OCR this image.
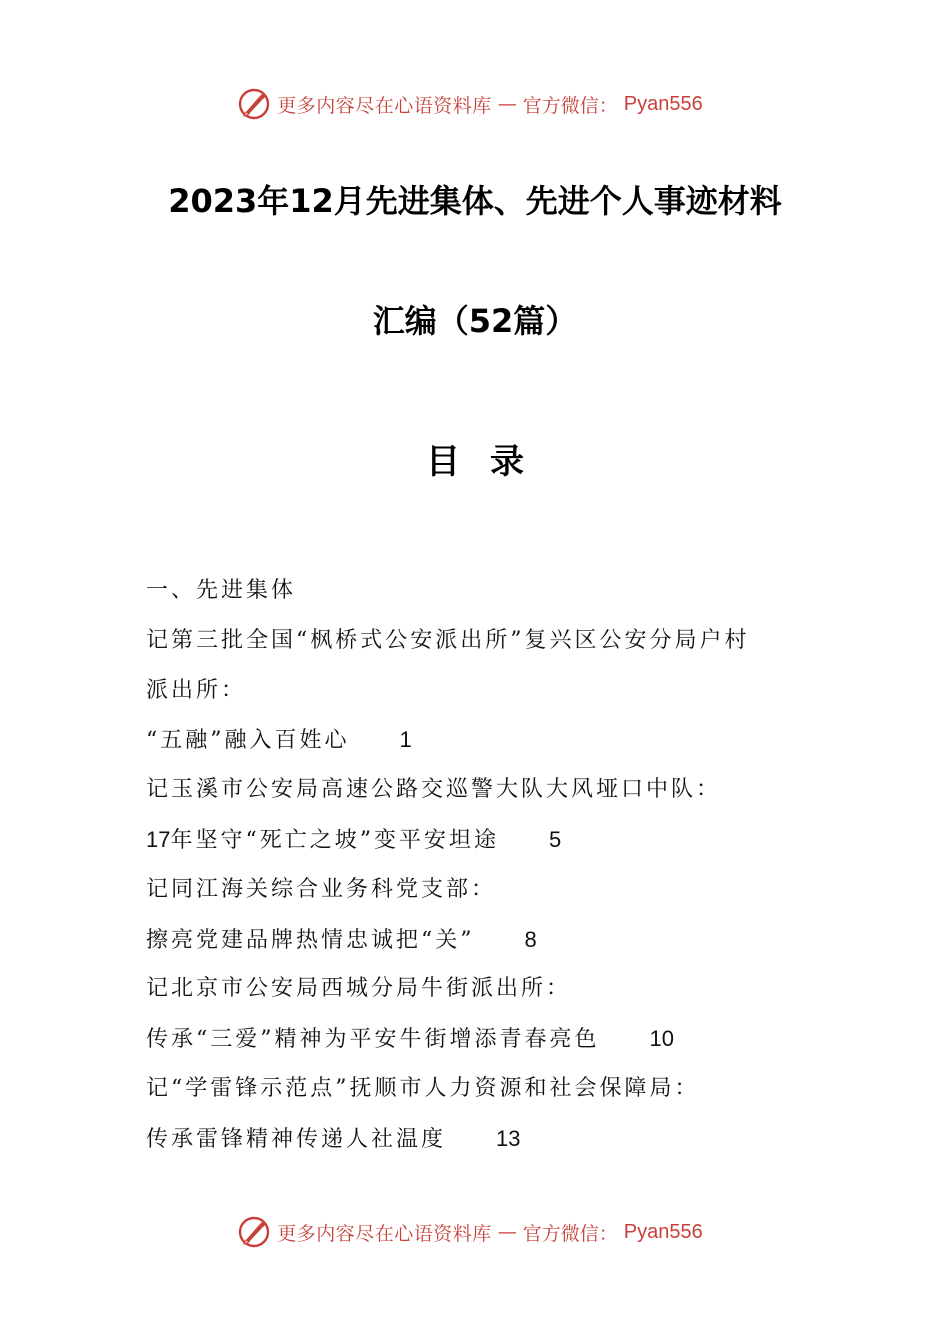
更多内容尽在心语资料库 — 官方微信： Pyan556
2023年12月先进集体、先进个人事迹材料
汇编（52篇）
目录
一、先进集体
记第三批全国“枫桥式公安派出所”复兴区公安分局户村
派出所：
“五融”融入百姓心 1
记玉溪市公安局高速公路交巡警大队大风垭口中队：
17年坚守“死亡之坡”变平安坦途 5
记同江海关综合业务科党支部：
擦亮党建品牌热情忠诚把“关” 8
记北京市公安局西城分局牛街派出所：
传承“三爱”精神为平安牛街增添青春亮色 10
记“学雷锋示范点”抚顺市人力资源和社会保障局：
传承雷锋精神传递人社温度 13
更多内容尽在心语资料库 — 官方微信： Pyan556
